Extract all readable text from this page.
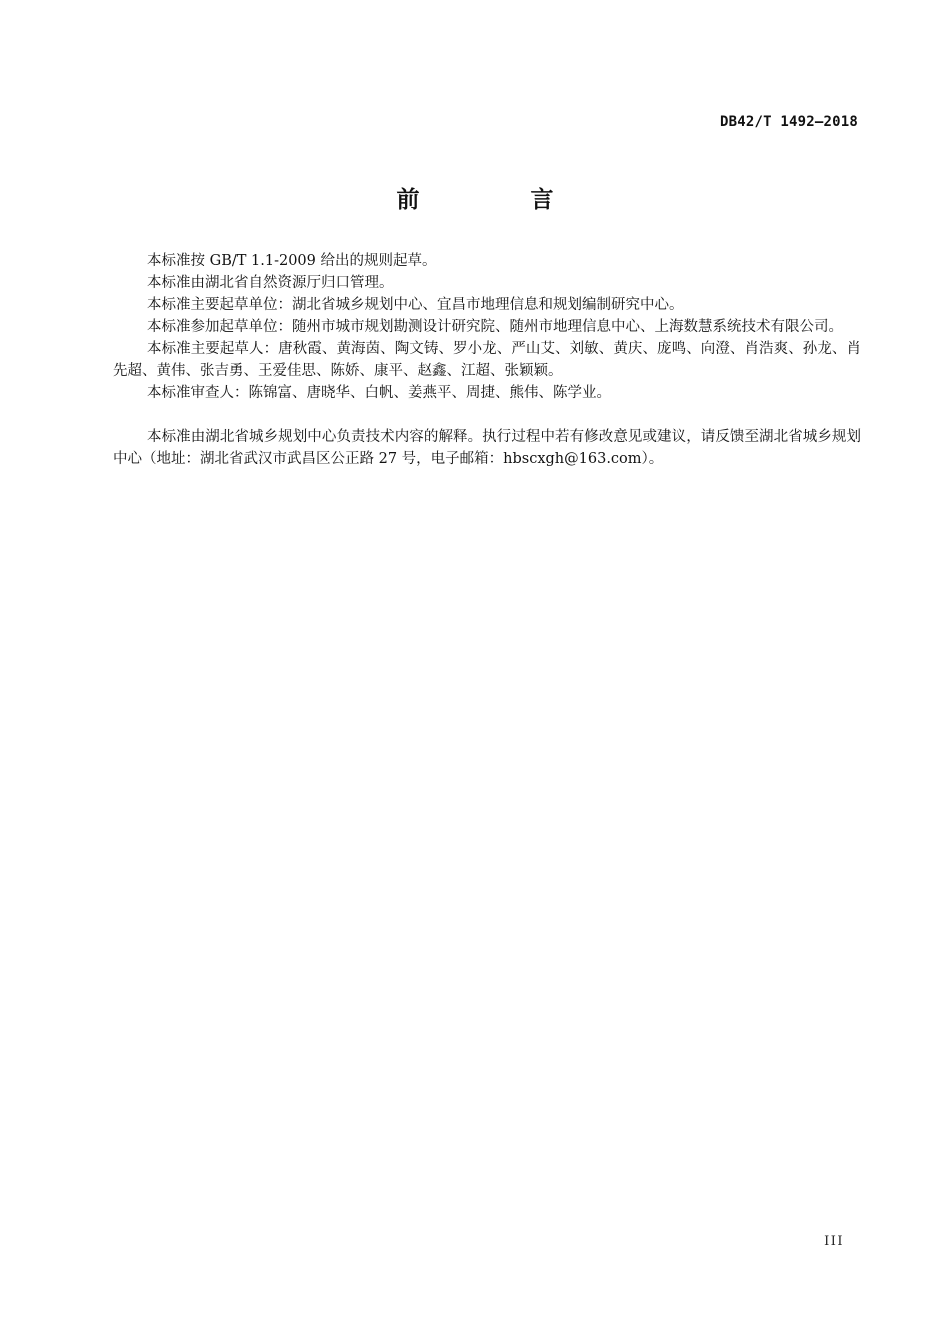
DB42/T 1492—2018
前　言

本标准按 GB/T 1.1-2009 给出的规则起草。

本标准由湖北省自然资源厅归口管理。

本标准主要起草单位：湖北省城乡规划中心、宜昌市地理信息和规划编制研究中心。

本标准参加起草单位：随州市城市规划勘测设计研究院、随州市地理信息中心、上海数慧系统技术有限公司。

本标准主要起草人：唐秋霞、黄海茵、陶文铸、罗小龙、严山艾、刘敏、黄庆、庞鸣、向澄、肖浩爽、孙龙、肖先超、黄伟、张吉勇、王爱佳思、陈娇、康平、赵鑫、江超、张颖颖。

本标准审查人：陈锦富、唐晓华、白帆、姜燕平、周捷、熊伟、陈学业。

本标准由湖北省城乡规划中心负责技术内容的解释。执行过程中若有修改意见或建议，请反馈至湖北省城乡规划中心（地址：湖北省武汉市武昌区公正路 27 号，电子邮箱：hbscxgh@163.com）。

III
